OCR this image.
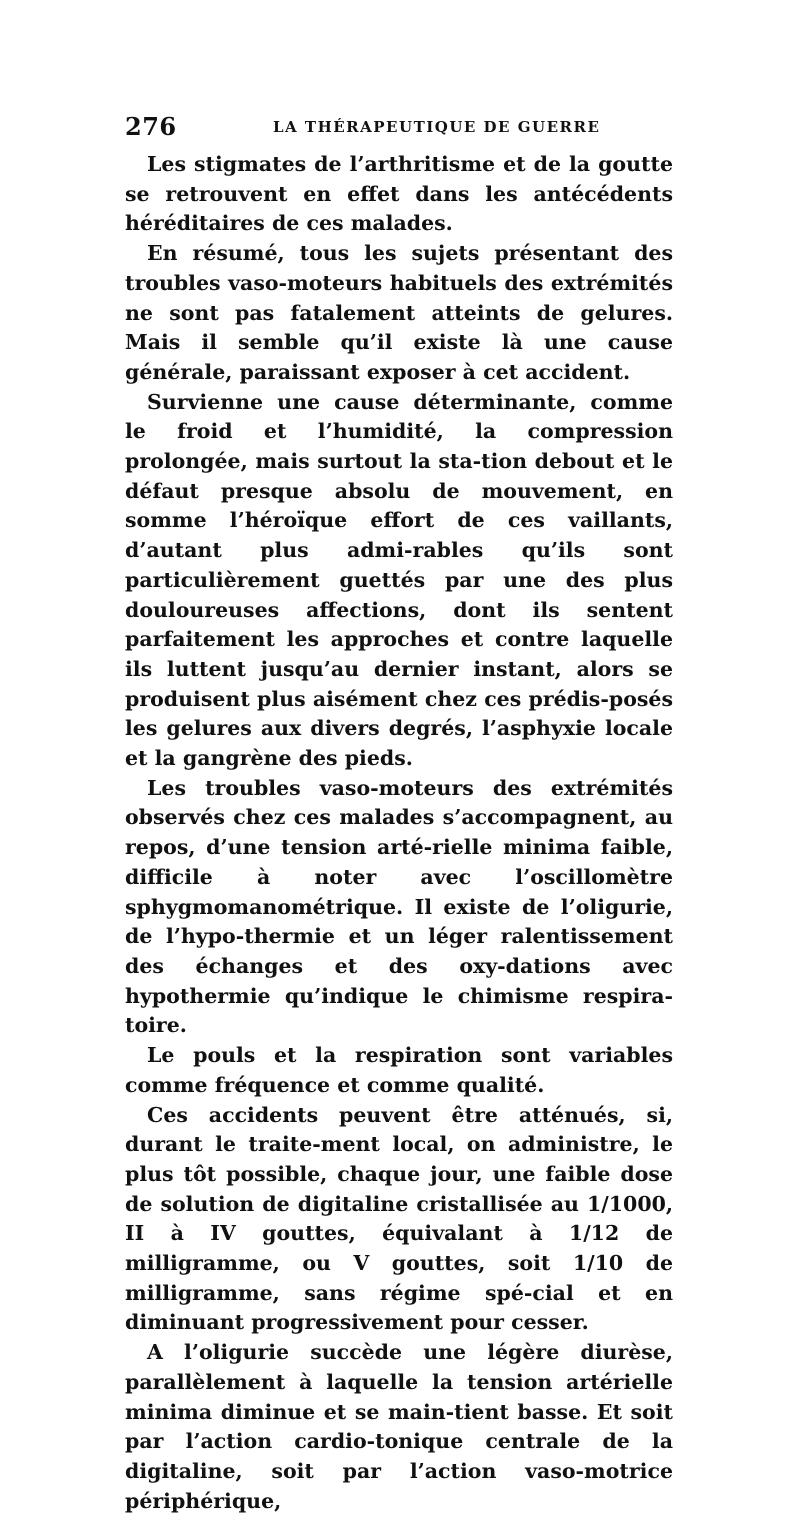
276	LA THÉRAPEUTIQUE DE GUERRE

Les stigmates de l’arthritisme et de la goutte se retrouvent en effet dans les antécédents héréditaires de ces malades.

En résumé, tous les sujets présentant des troubles vaso-moteurs habituels des extrémités ne sont pas fatalement atteints de gelures. Mais il semble qu’il existe là une cause générale, paraissant exposer à cet accident.

Survienne une cause déterminante, comme le froid et l’humidité, la compression prolongée, mais surtout la sta-tion debout et le défaut presque absolu de mouvement, en somme l’héroïque effort de ces vaillants, d’autant plus admi-rables qu’ils sont particulièrement guettés par une des plus douloureuses affections, dont ils sentent parfaitement les approches et contre laquelle ils luttent jusqu’au dernier instant, alors se produisent plus aisément chez ces prédis-posés les gelures aux divers degrés, l’asphyxie locale et la gangrène des pieds.

Les troubles vaso-moteurs des extrémités observés chez ces malades s’accompagnent, au repos, d’une tension arté-rielle minima faible, difficile à noter avec l’oscillomètre sphygmomanométrique. Il existe de l’oligurie, de l’hypo-thermie et un léger ralentissement des échanges et des oxy-dations avec hypothermie qu’indique le chimisme respira-toire.

Le pouls et la respiration sont variables comme fréquence et comme qualité.

Ces accidents peuvent être atténués, si, durant le traite-ment local, on administre, le plus tôt possible, chaque jour, une faible dose de solution de digitaline cristallisée au 1/1000, II à IV gouttes, équivalant à 1/12 de milligramme, ou V gouttes, soit 1/10 de milligramme, sans régime spé-cial et en diminuant progressivement pour cesser.

A l’oligurie succède une légère diurèse, parallèlement à laquelle la tension artérielle minima diminue et se main-tient basse. Et soit par l’action cardio-tonique centrale de la digitaline, soit par l’action vaso-motrice périphérique,
